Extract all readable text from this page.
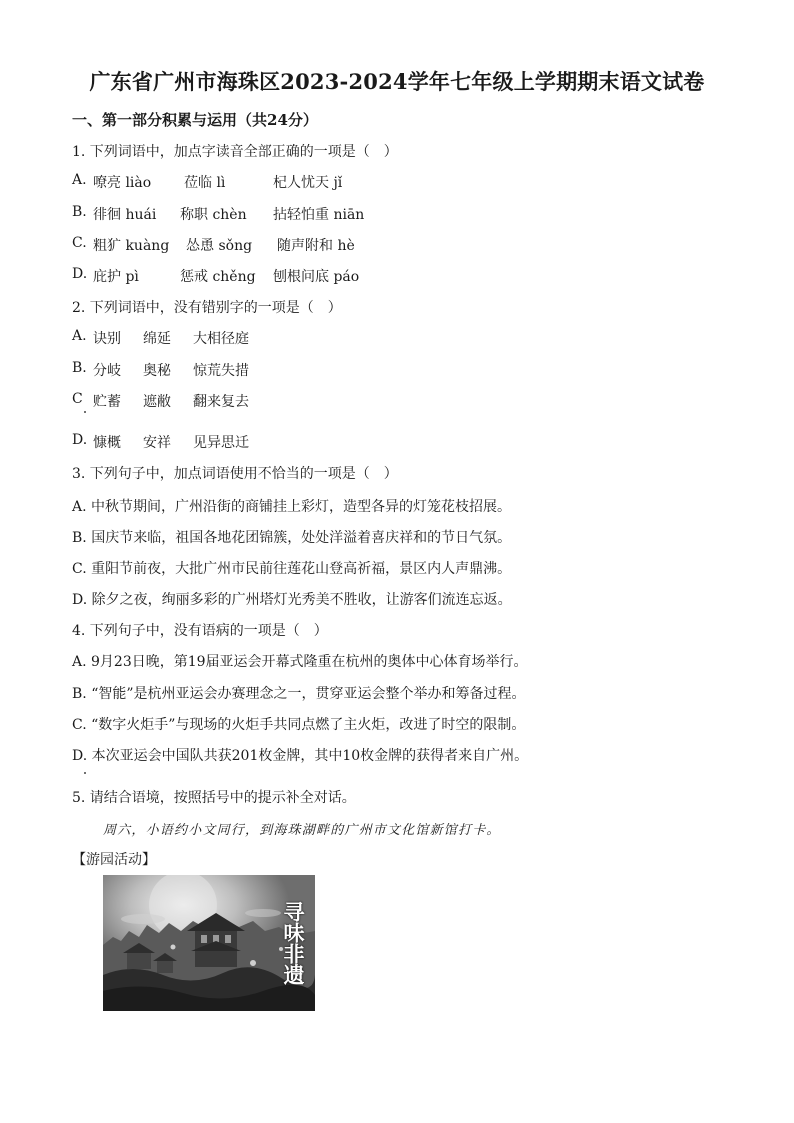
广东省广州市海珠区2023-2024学年七年级上学期期末语文试卷
一、第一部分积累与运用（共24分）
1. 下列词语中，加点字读音全部正确的一项是（　）
A. 嘹亮 liào 莅临 lì	杞人忧天 jǐ
B. 徘徊 huái 称职 chèn 拈轻怕重 niān
C. 粗犷 kuàng 怂恿 sǒng 随声附和 hè
D. 庇护 pì	惩戒 chěng 刨根问底 páo
2. 下列词语中，没有错别字的一项是（　）
A. 诀别 绵延 大相径庭
B. 分岐 奥秘 惊荒失措
C 贮蓄 遮敝 翻来复去
D. 慷概 安祥 见异思迁
3. 下列句子中，加点词语使用不恰当的一项是（　）
A. 中秋节期间，广州沿街的商铺挂上彩灯，造型各异的灯笼花枝招展。
B. 国庆节来临，祖国各地花团锦簇，处处洋溢着喜庆祥和的节日气氛。
C. 重阳节前夜，大批广州市民前往莲花山登高祈福，景区内人声鼎沸。
D. 除夕之夜，绚丽多彩的广州塔灯光秀美不胜收，让游客们流连忘返。
4. 下列句子中，没有语病的一项是（　）
A. 9月23日晚，第19届亚运会开幕式隆重在杭州的奥体中心体育场举行。
B. “智能”是杭州亚运会办赛理念之一，贯穿亚运会整个举办和筹备过程。
C. “数字火炬手”与现场的火炬手共同点燃了主火炬，改进了时空的限制。
D. 本次亚运会中国队共获201枚金牌，其中10枚金牌的获得者来自广州。
5. 请结合语境，按照括号中的提示补全对话。
周六，小语约小文同行，到海珠湖畔的广州市文化馆新馆打卡。
【游园活动】
寻味非遗
